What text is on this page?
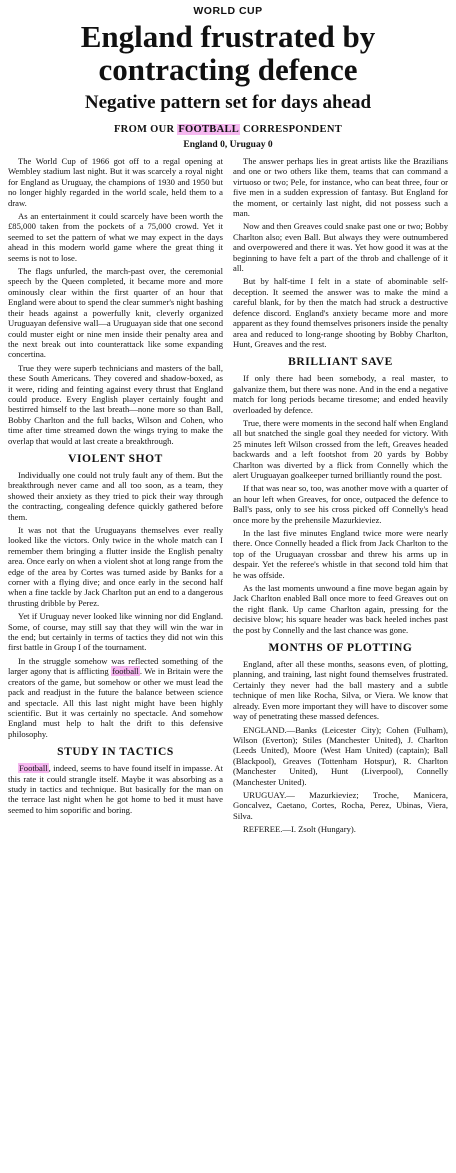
WORLD CUP
England frustrated by
contracting defence
Negative pattern set for days ahead
FROM OUR FOOTBALL CORRESPONDENT
England 0, Uruguay 0

The World Cup of 1966 got off to a regal opening at Wembley stadium last night. But it was scarcely a royal night for England as Uruguay, the champions of 1930 and 1950 but no longer highly regarded in the world scale, held them to a draw.

As an entertainment it could scarcely have been worth the £85,000 taken from the pockets of a 75,000 crowd. Yet it seemed to set the pattern of what we may expect in the days ahead in this modern world game where the great thing it seems is not to lose.

The flags unfurled, the march-past over, the ceremonial speech by the Queen completed, it became more and more ominously clear within the first quarter of an hour that England were about to spend the clear summer's night bashing their heads against a powerfully knit, cleverly organized Uruguayan defensive wall—a Uruguayan side that one second could muster eight or nine men inside their penalty area and the next break out into counterattack like some expanding concertina.

True they were superb technicians and masters of the ball, these South Americans. They covered and shadow-boxed, as it were, riding and feinting against every thrust that England could produce. Every English player certainly fought and bestirred himself to the last breath—none more so than Ball, Bobby Charlton and the full backs, Wilson and Cohen, who time after time streamed down the wings trying to make the overlap that would at last create a breakthrough.

VIOLENT SHOT

Individually one could not truly fault any of them. But the breakthrough never came and all too soon, as a team, they showed their anxiety as they tried to pick their way through the contracting, congealing defence quickly gathered before them.

It was not that the Uruguayans themselves ever really looked like the victors. Only twice in the whole match can I remember them bringing a flutter inside the English penalty area. Once early on when a violent shot at long range from the edge of the area by Cortes was turned aside by Banks for a corner with a flying dive; and once early in the second half when a fine tackle by Jack Charlton put an end to a dangerous thrusting dribble by Perez.

Yet if Uruguay never looked like winning nor did England. Some, of course, may still say that they will win the war in the end; but certainly in terms of tactics they did not win this first battle in Group I of the tournament.

In the struggle somehow was reflected something of the larger agony that is afflicting football. We in Britain were the creators of the game, but somehow or other we must lead the pack and readjust in the future the balance between science and spectacle. All this last night might have been highly scientific. But it was certainly no spectacle. And somehow England must help to halt the drift to this defensive philosophy.

STUDY IN TACTICS

Football, indeed, seems to have found itself in impasse. At this rate it could strangle itself. Maybe it was absorbing as a study in tactics and technique. But basically for the man on the terrace last night when he got home to bed it must have seemed to him soporific and boring.

The answer perhaps lies in great artists like the Brazilians and one or two others like them, teams that can command a virtuoso or two; Pele, for instance, who can beat three, four or five men in a sudden expression of fantasy. But England for the moment, or certainly last night, did not possess such a man.

Now and then Greaves could snake past one or two; Bobby Charlton also; even Ball. But always they were outnumbered and overpowered and there it was. Yet how good it was at the beginning to have felt a part of the throb and challenge of it all.

But by half-time I felt in a state of abominable self-deception. It seemed the answer was to make the mind a careful blank, for by then the match had struck a destructive defence discord. England's anxiety became more and more apparent as they found themselves prisoners inside the penalty area and reduced to long-range shooting by Bobby Charlton, Hunt, Greaves and the rest.

BRILLIANT SAVE

If only there had been somebody, a real master, to galvanize them, but there was none. And in the end a negative match for long periods became tiresome; and ended heavily overloaded by defence.

True, there were moments in the second half when England all but snatched the single goal they needed for victory. With 25 minutes left Wilson crossed from the left, Greaves headed backwards and a left footshot from 20 yards by Bobby Charlton was diverted by a flick from Connelly which the alert Uruguayan goalkeeper turned brilliantly round the post.

If that was near so, too, was another move with a quarter of an hour left when Greaves, for once, outpaced the defence to Ball's pass, only to see his cross picked off Connelly's head once more by the prehensile Mazurkieviez.

In the last five minutes England twice more were nearly there. Once Connelly headed a flick from Jack Charlton to the top of the Uruguayan crossbar and threw his arms up in despair. Yet the referee's whistle in that second told him that he was offside.

As the last moments unwound a fine move began again by Jack Charlton enabled Ball once more to feed Greaves out on the right flank. Up came Charlton again, pressing for the decisive blow; his square header was back heeled inches past the post by Connelly and the last chance was gone.

MONTHS OF PLOTTING

England, after all these months, seasons even, of plotting, planning, and training, last night found themselves frustrated. Certainly they never had the ball mastery and a subtle technique of men like Rocha, Silva, or Viera. We know that already. Even more important they will have to discover some way of penetrating these massed defences.

ENGLAND.—Banks (Leicester City); Cohen (Fulham), Wilson (Everton); Stiles (Manchester United), J. Charlton (Leeds United), Moore (West Ham United) (captain); Ball (Blackpool), Greaves (Tottenham Hotspur), R. Charlton (Manchester United), Hunt (Liverpool), Connelly (Manchester United).

URUGUAY.— Mazurkieviez; Troche, Manicera, Goncalvez, Caetano, Cortes, Rocha, Perez, Ubinas, Viera, Silva.

REFEREE.—I. Zsolt (Hungary).
